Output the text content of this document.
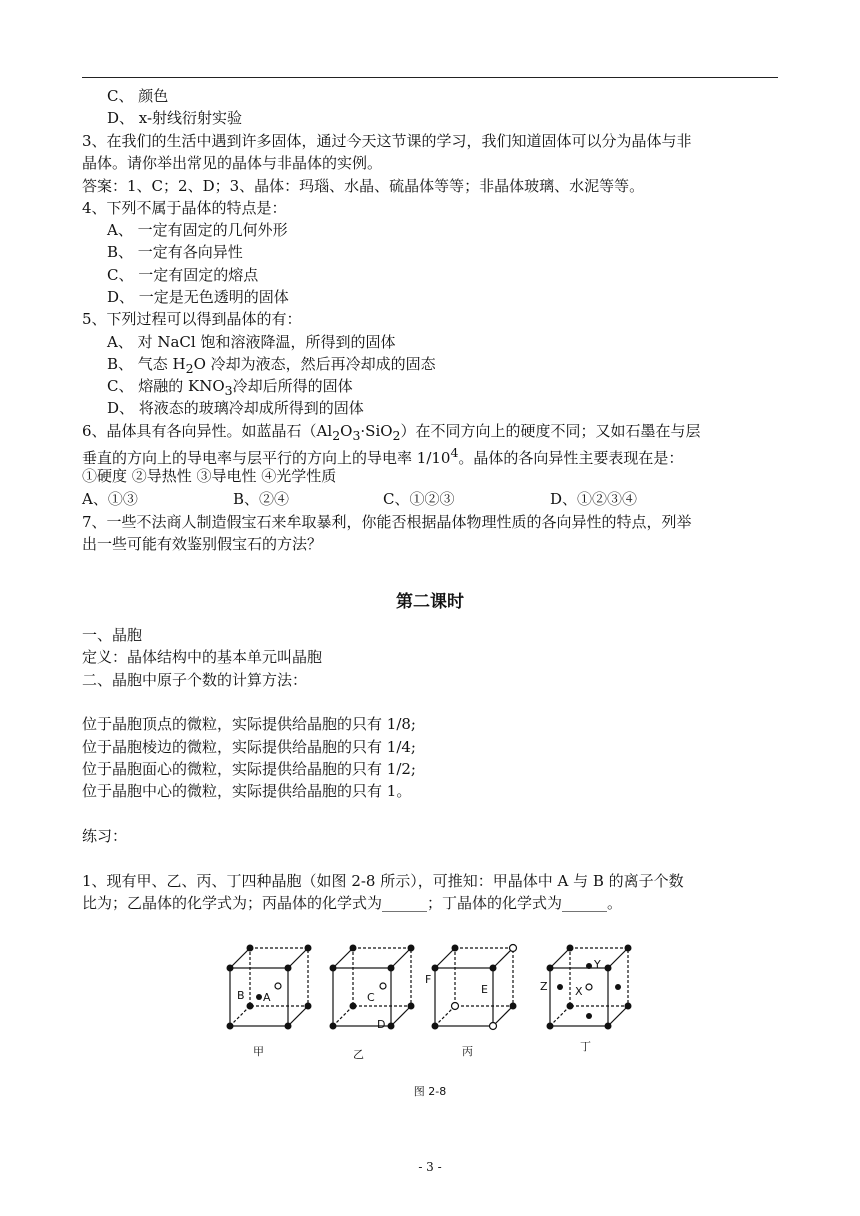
C、 颜色
D、 x-射线衍射实验
3、在我们的生活中遇到许多固体，通过今天这节课的学习，我们知道固体可以分为晶体与非
晶体。请你举出常见的晶体与非晶体的实例。
答案：1、C；2、D；3、晶体：玛瑙、水晶、硫晶体等等；非晶体玻璃、水泥等等。
4、下列不属于晶体的特点是：
A、 一定有固定的几何外形
B、 一定有各向异性
C、 一定有固定的熔点
D、 一定是无色透明的固体
5、下列过程可以得到晶体的有：
A、 对 NaCl 饱和溶液降温，所得到的固体
B、 气态 $H_2O$ 冷却为液态，然后再冷却成的固态
C、 熔融的 $KNO_3$冷却后所得的固体
D、 将液态的玻璃冷却成所得到的固体
6、晶体具有各向异性。如蓝晶石$(Al_2O_3\cdot SiO_2)$在不同方向上的硬度不同；又如石墨在与层
垂直的方向上的导电率与层平行的方向上的导电率 $1/10^4$。晶体的各向异性主要表现在是：
①硬度 ②导热性 ③导电性 ④光学性质
A、①③	B、②④	C、①②③	D、①②③④
7、一些不法商人制造假宝石来牟取暴利，你能否根据晶体物理性质的各向异性的特点，列举
出一些可能有效鉴别假宝石的方法？
第二课时
一、晶胞
定义：晶体结构中的基本单元叫晶胞
二、晶胞中原子个数的计算方法：
位于晶胞顶点的微粒，实际提供给晶胞的只有 1/8;
位于晶胞棱边的微粒，实际提供给晶胞的只有 1/4;
位于晶胞面心的微粒，实际提供给晶胞的只有 1/2;
位于晶胞中心的微粒，实际提供给晶胞的只有 1。
练习：
1、现有甲、乙、丙、丁四种晶胞（如图 2-8 所示），可推知：甲晶体中 A 与 B 的离子个数
比为；乙晶体的化学式为；丙晶体的化学式为______；丁晶体的化学式为______。
B A	C
D
F
E	Z
Y
X
甲	乙	丙	丁
图 2-8
- 3 -
